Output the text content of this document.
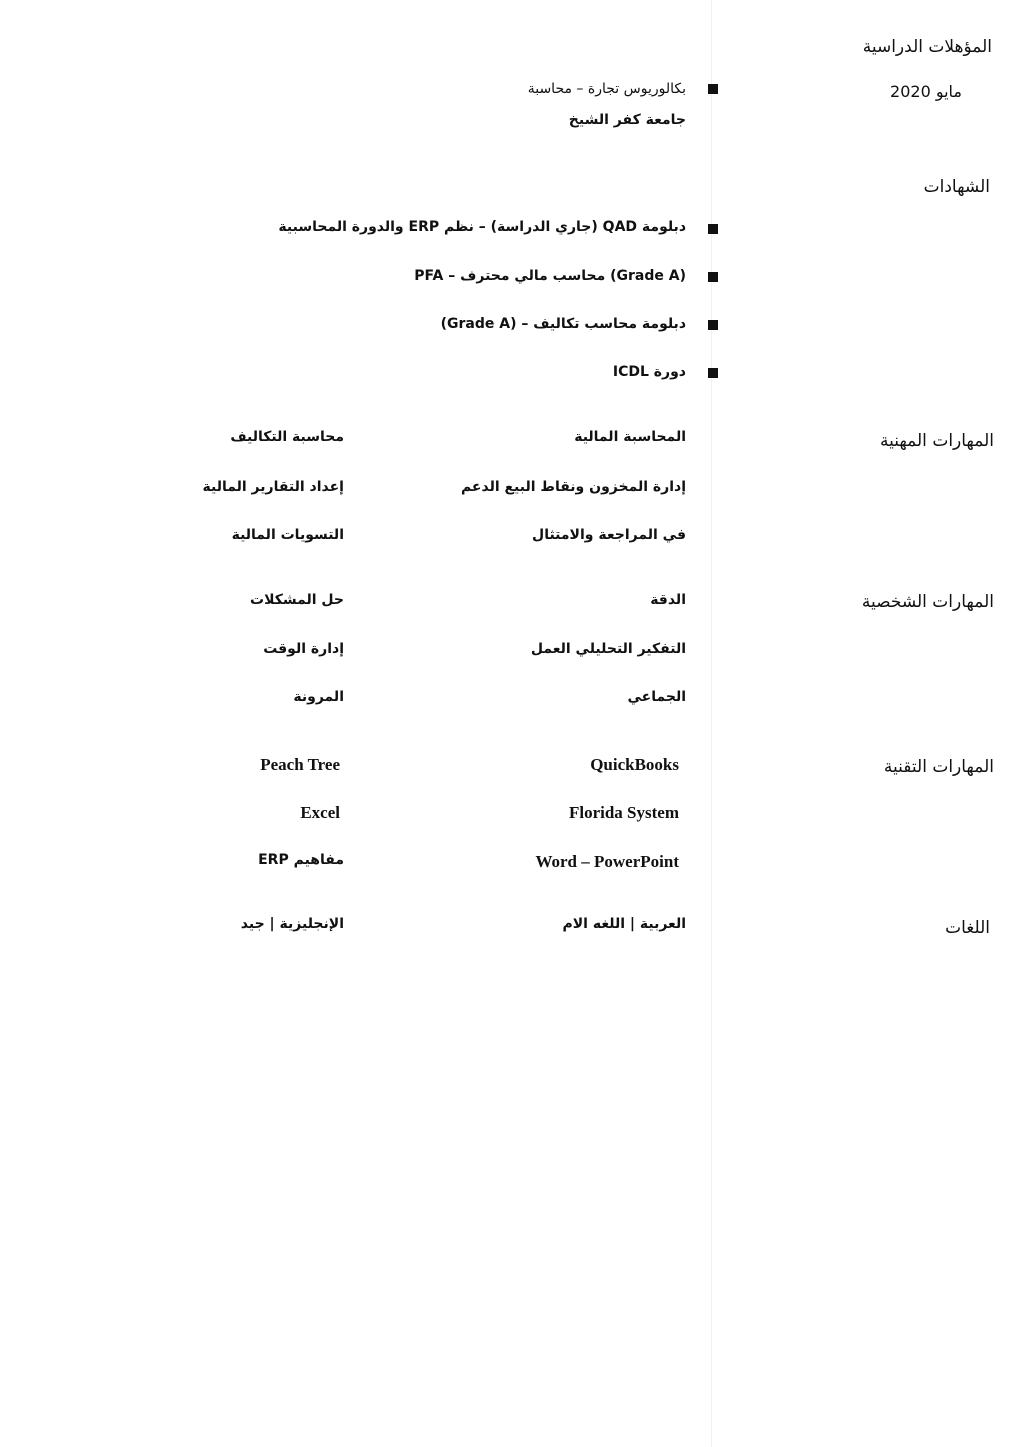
المؤهلات الدراسية
مايو 2020
بكالوريوس تجارة – محاسبة
جامعة كفر الشيخ
الشهادات
دبلومة QAD (جاري الدراسة) – نظم ERP والدورة المحاسبية
PFA – محاسب مالي محترف (Grade A)
دبلومة محاسب تكاليف – (Grade A)
دورة ICDL
المهارات المهنية
المحاسبة المالية
محاسبة التكاليف
إدارة المخزون ونقاط البيع الدعم
إعداد التقارير المالية
في المراجعة والامتثال
التسويات المالية
المهارات الشخصية
الدقة
حل المشكلات
التفكير التحليلي العمل
إدارة الوقت
الجماعي
المرونة
المهارات التقنية
QuickBooks
Peach Tree
Florida System
Excel
Word – PowerPoint
مفاهيم ERP
اللغات
العربية | اللغه الام
الإنجليزية | جيد
